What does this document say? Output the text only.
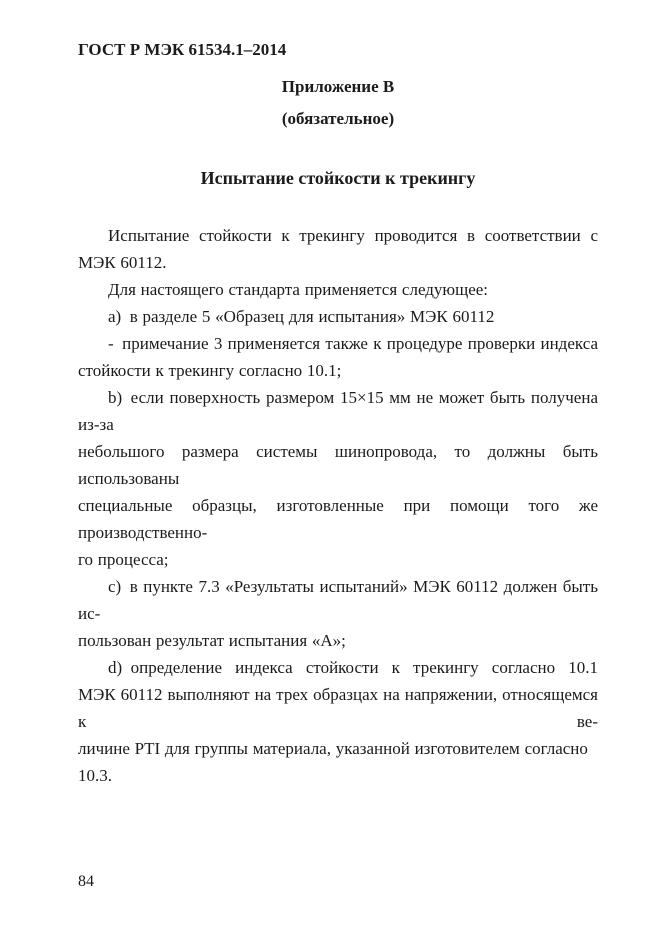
ГОСТ Р МЭК 61534.1–2014
Приложение В
(обязательное)
Испытание стойкости к трекингу
Испытание стойкости к трекингу проводится в соответствии с
МЭК 60112.
Для настоящего стандарта применяется следующее:
a) в разделе 5 «Образец для испытания» МЭК 60112
- примечание 3 применяется также к процедуре проверки индекса
стойкости к трекингу согласно 10.1;
b) если поверхность размером 15×15 мм не может быть получена из-за
небольшого размера системы шинопровода, то должны быть использованы
специальные образцы, изготовленные при помощи того же производственно-
го процесса;
c) в пункте 7.3 «Результаты испытаний» МЭК 60112 должен быть ис-
пользован результат испытания «А»;
d) определение индекса стойкости к трекингу согласно 10.1
МЭК 60112 выполняют на трех образцах на напряжении, относящемся к ве-
личине PTI для группы материала, указанной изготовителем согласно 10.3.
84
